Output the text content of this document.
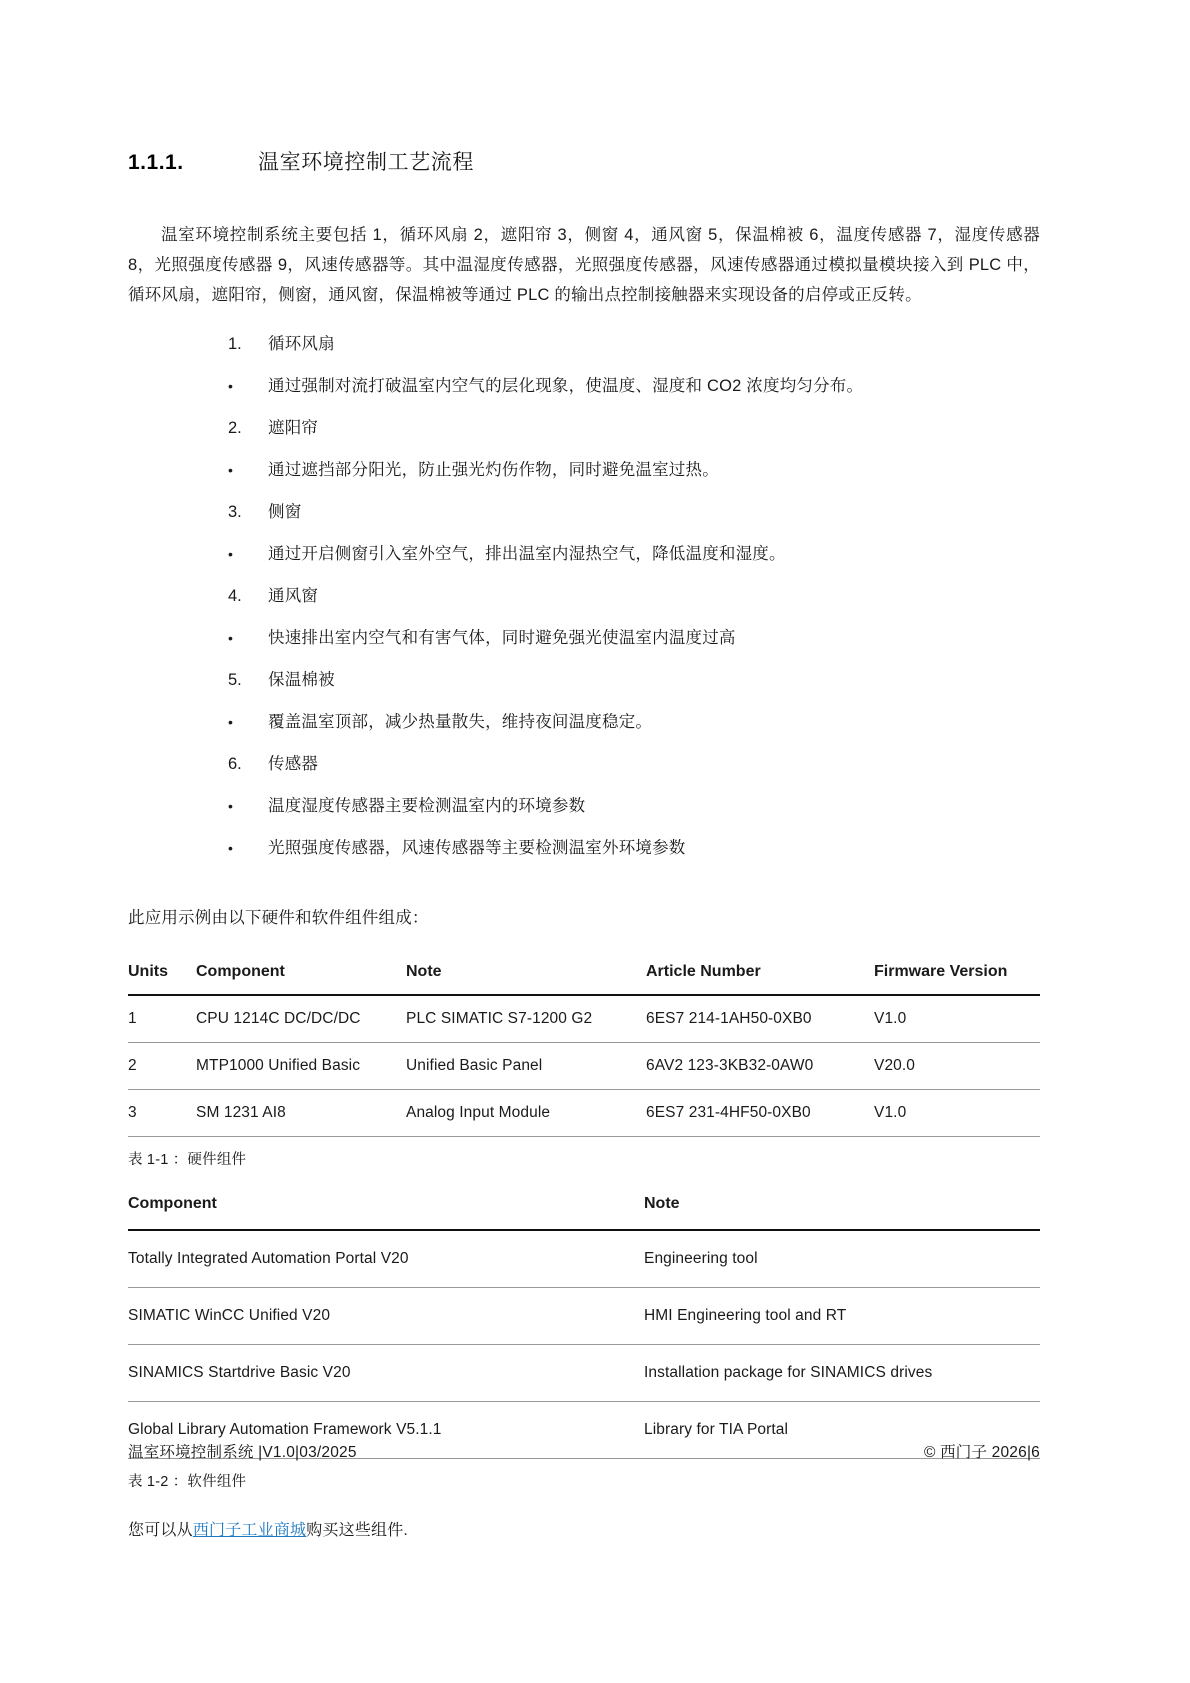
1.1.1.	温室环境控制工艺流程

温室环境控制系统主要包括 1，循环风扇 2，遮阳帘 3，侧窗 4，通风窗 5，保温棉被 6，温度传感器 7，湿度传感器 8，光照强度传感器 9，风速传感器等。其中温湿度传感器，光照强度传感器，风速传感器通过模拟量模块接入到 PLC 中，循环风扇，遮阳帘，侧窗，通风窗，保温棉被等通过 PLC 的输出点控制接触器来实现设备的启停或正反转。

1.	循环风扇
•	通过强制对流打破温室内空气的层化现象，使温度、湿度和 CO2 浓度均匀分布。
2.	遮阳帘
•	通过遮挡部分阳光，防止强光灼伤作物，同时避免温室过热。
3.	侧窗
•	通过开启侧窗引入室外空气，排出温室内湿热空气，降低温度和湿度。
4.	通风窗
•	快速排出室内空气和有害气体，同时避免强光使温室内温度过高
5.	保温棉被
•	覆盖温室顶部，减少热量散失，维持夜间温度稳定。
6.	传感器
•	温度湿度传感器主要检测温室内的环境参数
•	光照强度传感器，风速传感器等主要检测温室外环境参数

此应用示例由以下硬件和软件组件组成：

Units	Component	Note	Article Number	Firmware Version
1	CPU 1214C DC/DC/DC	PLC SIMATIC S7-1200 G2	6ES7 214-1AH50-0XB0	V1.0
2	MTP1000 Unified Basic	Unified Basic Panel	6AV2 123-3KB32-0AW0	V20.0
3	SM 1231 AI8	Analog Input Module	6ES7 231-4HF50-0XB0	V1.0
表 1-1 ：硬件组件
Component	Note
Totally Integrated Automation Portal V20	Engineering tool
SIMATIC WinCC Unified V20	HMI Engineering tool and RT
SINAMICS Startdrive Basic V20	Installation package for SINAMICS drives
Global Library Automation Framework V5.1.1	Library for TIA Portal
表 1-2 ：软件组件

您可以从西门子工业商城购买这些组件.

温室环境控制系统 |V1.0|03/2025	© 西门子 2026|6
